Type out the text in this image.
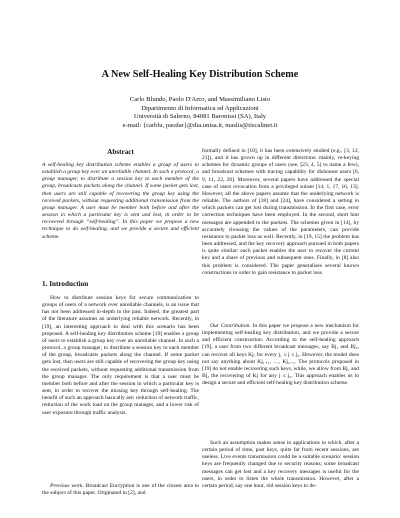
A New Self-Healing Key Distribution Scheme
Carlo Blundo, Paolo D'Arco, and Massimiliano Listo
Dipartimento di Informatica ed Applicazioni
Università di Salerno, 84081 Baronissi (SA), Italy
e-mail: {carblu, paodar}@dia.unisa.it, maslis@tiscalinet.it
Abstract
A self-healing key distribution scheme enables a group of users to establish a group key over an unreliable channel. In such a protocol, a group manager, to distribute a session key to each member of the group, broadcasts packets along the channel. If some packet gets lost, then users are still capable of recovering the group key using the received packets, without requesting additional transmission from the group manager. A user must be member both before and after the session in which a particular key is sent and lost, in order to be recovered through “self-healing”. In this paper we propose a new technique to do self-healing, and we provide a secure and efficient scheme.
1. Introduction
How to distribute session keys for secure communication to groups of users of a network over unreliable channels, is an issue that has not been addressed in-depth in the past. Indeed, the greatest part of the literature assumes an underlying reliable network. Recently, in [19], an interesting approach to deal with this scenario has been proposed. A self-healing key distribution scheme [19] enables a group of users to establish a group key over an unreliable channel. In such a protocol, a group manager, to distribute a session key to each member of the group, broadcasts packets along the channel. If some packet gets lost, then users are still capable of recovering the group key using the received packets, without requesting additional transmission from the group manager. The only requirement is that a user must be member both before and after the session in which a particular key is sent, in order to recover the missing key through self-healing. The benefit of such an approach basically are: reduction of network traffic, reduction of the work load on the group manager, and a lower risk of user exposure through traffic analysis.
Previous work. Broadcast Encryption is one of the closest area to the subject of this paper. Originated in [2], and
formally defined in [10], it has been extensively studied (e.g., [3, 12, 21]), and it has grown up in different directions: mainly, re-keying schemes for dynamic groups of users (see, [23, 4, 5] to name a few), and broadcast schemes with tracing capability for dishonest users [6, 9, 11, 22, 20]. Moreover, several papers have addressed the special case of users revocation from a privileged subset [14, 1, 17, 16, 13]. However, all the above papers assume that the underlying network is reliable. The authors of [18] and [24], have considered a setting in which packets can get lost during transmission. In the first case, error correction techniques have been employed. In the second, short hint messages are appended to the packets. The schemes given in [14], by accurately choosing the values of the parameters, can provide resistance to packet loss as well. Recently, in [19, 15] the problem has been addressed, and the key recovery approach pursued in both papers is quite similar: each packet enables the user to recover the current key and a share of previous and subsequent ones. Finally, in [8] also this problem is considered. The paper generalises several known constructions in order to gain resistance to packet loss.
Our Contribution. In this paper we propose a new mechanism for implementing self-healing key distribution, and we provide a secure and efficient construction. According to the self-healing approach [19], a user from two different broadcast messages, say Bj₁ and Bj₂, can recover all keys Kj, for every j₁ ≤ j ≤ j₂. However, the model does not say anything about Kj₁₊₁, …, Kj₂₋₁. The protocols proposed in [19] do not enable recovering such keys, while, we allow from Bj₁ and Bj₂ the recovering of Kj for any j ≤ j₂. This approach enables us to design a secure and efficient self-healing key distribution scheme.
Such an assumption makes sense in applications in which, after a certain period of time, past keys, quite far from recent sessions, are useless. Live events transmission could be a suitable scenario: session keys are frequently changed due to security reasons; some broadcast messages can get lost and a key recovery messages is useful for the users, in order to listen the whole transmission. However, after a certain period, say one hour, old session keys to de-
